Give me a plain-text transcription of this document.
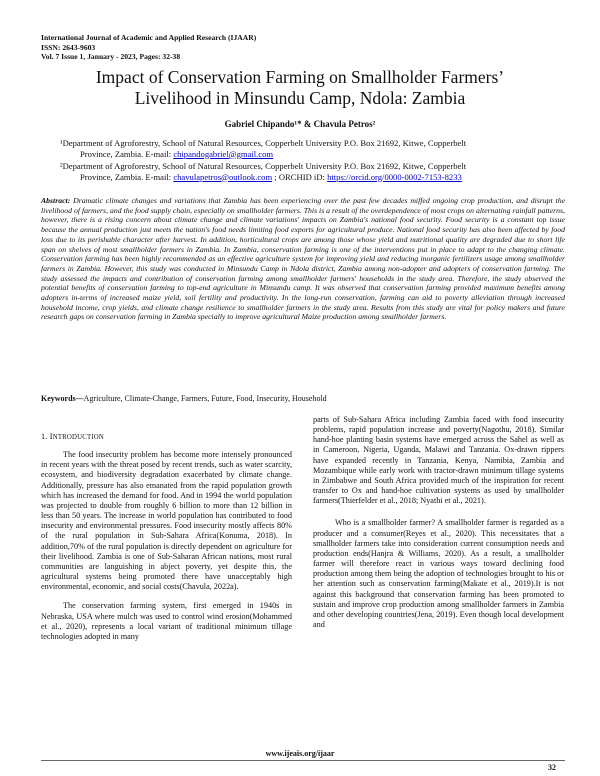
International Journal of Academic and Applied Research (IJAAR)
ISSN: 2643-9603
Vol. 7 Issue 1, January - 2023, Pages: 32-38
Impact of Conservation Farming on Smallholder Farmers’
Livelihood in Minsundu Camp, Ndola: Zambia
Gabriel Chipando¹* & Chavula Petros²
¹Department of Agroforestry, School of Natural Resources, Copperbelt University P.O. Box 21692, Kitwe, Copperbelt
Province, Zambia. E-mail: chipandogabriel@gmail.com
²Department of Agroforestry, School of Natural Resources, Copperbelt University P.O. Box 21692, Kitwe, Copperbelt
Province, Zambia. E-mail: chavulapetros@outlook.com ; ORCHID iD: https://orcid.org/0000-0002-7153-8233
Abstract: Dramatic climate changes and variations that Zambia has been experiencing over the past few decades miffed ongoing crop production, and disrupt the livelihood of farmers, and the food supply chain, especially on smallholder farmers. This is a result of the overdependence of most crops on alternating rainfall patterns, however, there is a rising concern about climate change and climate variations' impacts on Zambia's national food security. Food security is a constant top issue because the annual production just meets the nation's food needs limiting food exports for agricultural produce. National food security has also been affected by food loss due to its perishable character after harvest. In addition, horticultural crops are among those whose yield and nutritional quality are degraded due to short life span on shelves of most smallholder farmers in Zambia. In Zambia, conservation farming is one of the interventions put in place to adapt to the changing climate. Conservation farming has been highly recommended as an effective agriculture system for improving yield and reducing inorganic fertilizers usage among smallholder farmers in Zambia. However, this study was conducted in Minsundu Camp in Ndola district, Zambia among non-adopter and adopters of conservation farming. The study assessed the impacts and contribution of conservation farming among smallholder farmers' households in the study area. Therefore, the study observed the potential benefits of conservation farming to top-end agriculture in Minsundu camp. It was observed that conservation farming provided maximum benefits among adopters in-terms of increased maize yield, soil fertility and productivity. In the long-run conservation, farming can aid to poverty alleviation through increased household income, crop yields, and climate change resilience to smallholder farmers in the study area. Results from this study are vital for policy makers and future research gaps on conservation farming in Zambia specially to improve agricultural Maize production among smallholder farmers.
Keywords—Agriculture, Climate-Change, Farmers, Future, Food, Insecurity, Household
1. INTRODUCTION

The food insecurity problem has become more intensely pronounced in recent years with the threat posed by recent trends, such as water scarcity, ecosystem, and biodiversity degradation exacerbated by climate change. Additionally, pressure has also emanated from the rapid population growth which has increased the demand for food. And in 1994 the world population was projected to double from roughly 6 billion to more than 12 billion in less than 50 years. The increase in world population has contributed to food insecurity and environmental pressures. Food insecurity mostly affects 80% of the rural population in Sub-Sahara Africa(Konuma, 2018). In addition,70% of the rural population is directly dependent on agriculture for their livelihood. Zambia is one of Sub-Saharan African nations, most rural communities are languishing in abject poverty, yet despite this, the agricultural systems being promoted there have unacceptably high environmental, economic, and social costs(Chavula, 2022a).

The conservation farming system, first emerged in 1940s in Nebraska, USA where mulch was used to control wind erosion(Mohammed et al., 2020), represents a local variant of traditional minimum tillage technologies adopted in many

parts of Sub-Sahara Africa including Zambia faced with food insecurity problems, rapid population increase and poverty(Nagothu, 2018). Similar hand-hoe planting basin systems have emerged across the Sahel as well as in Cameroon, Nigeria, Uganda, Malawi and Tanzania. Ox-drawn rippers have expanded recently in Tanzania, Kenya, Namibia, Zambia and Mozambique while early work with tractor-drawn minimum tillage systems in Zimbabwe and South Africa provided much of the inspiration for recent transfer to Ox and hand-hoe cultivation systems as used by smallholder farmers(Thierfelder et al., 2018; Nyathi et al., 2021).

Who is a smallholder farmer? A smallholder farmer is regarded as a producer and a consumer(Reyes et al., 2020). This necessitates that a smallholder farmers take into consideration current consumption needs and production ends(Hanjra & Williams, 2020). As a result, a smallholder farmer will therefore react in various ways toward declining food production among them being the adoption of technologies brought to his or her attention such as conservation farming(Makate et al., 2019).It is not against this background that conservation farming has been promoted to sustain and improve crop production among smallholder farmers in Zambia and other developing countries(Jena, 2019). Even though local development and

www.ijeais.org/ijaar
32
